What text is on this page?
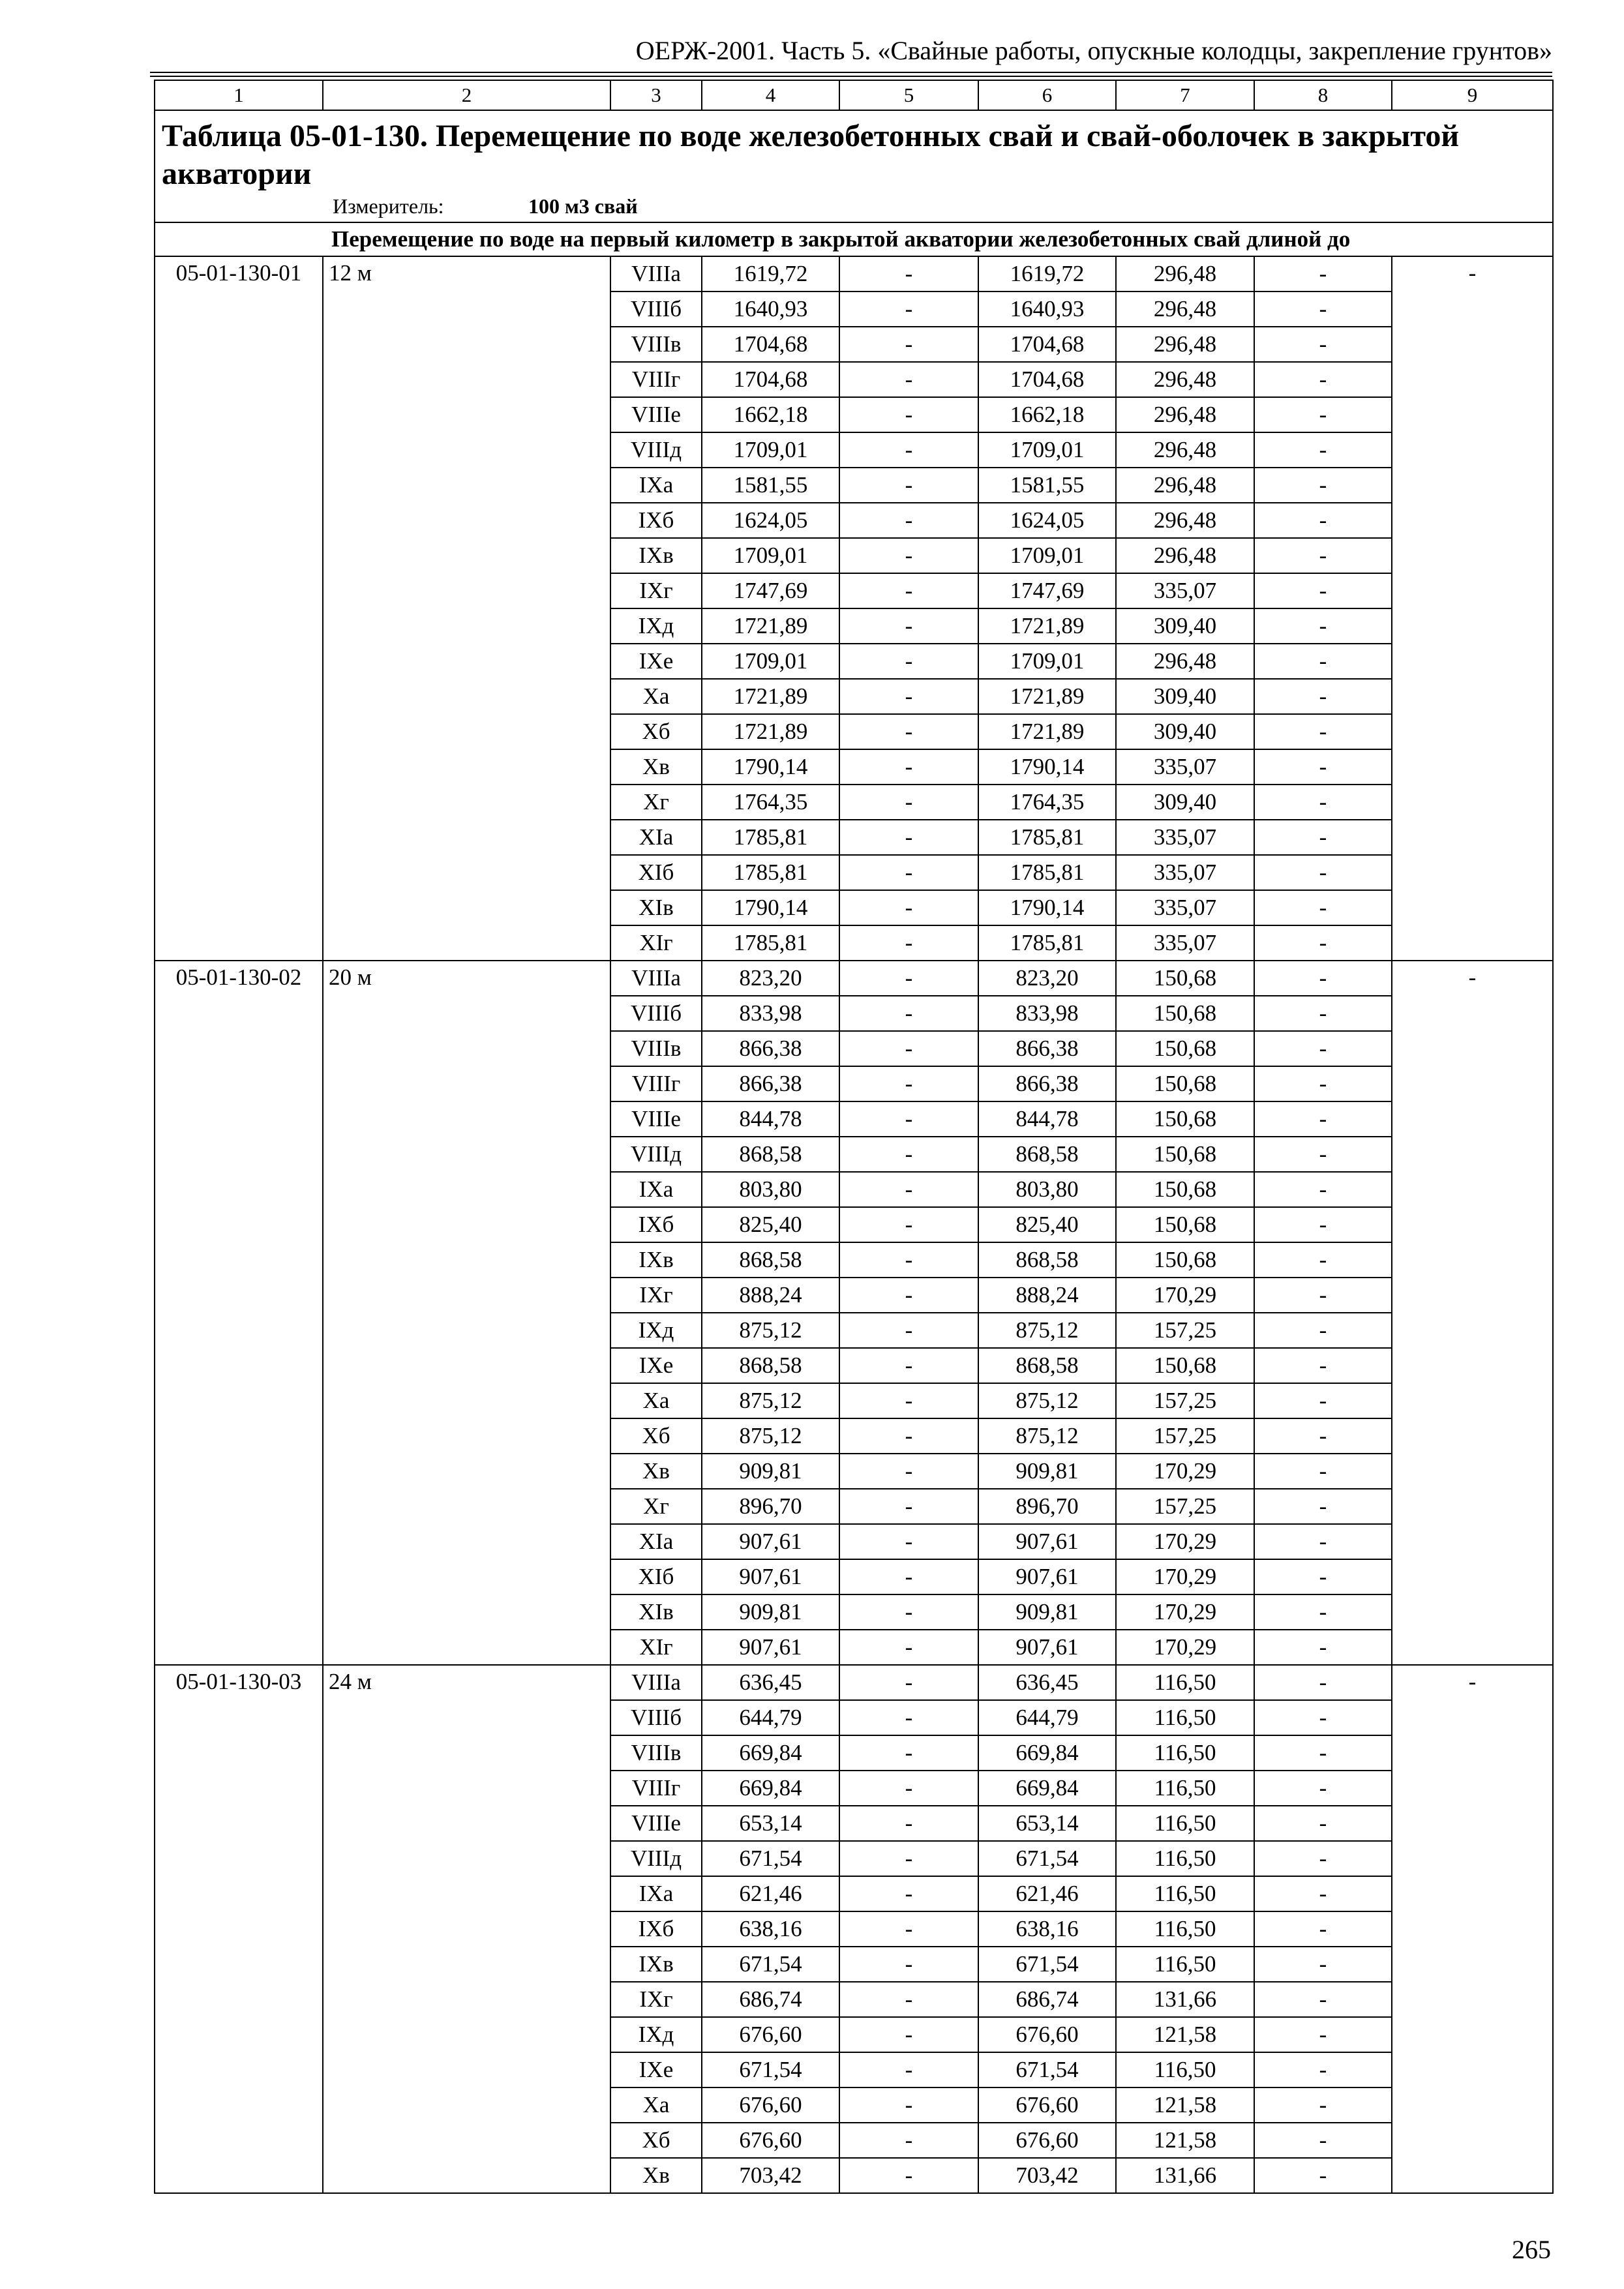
ОЕРЖ-2001. Часть 5. «Свайные работы, опускные колодцы, закрепление грунтов»
1	2	3	4	5	6	7	8	9

Таблица 05-01-130. Перемещение по воде железобетонных свай и свай-оболочек в закрытой акватории
Измеритель: 100 м3 свай								

Перемещение по воде на первый километр в закрытой акватории железобетонных свай длиной до								
05-01-130-01	12 м	VIIIа	1619,72	-	1619,72	296,48	-	-
		VIIIб	1640,93	-	1640,93	296,48	-	
		VIIIв	1704,68	-	1704,68	296,48	-	
		VIIIг	1704,68	-	1704,68	296,48	-	
		VIIIе	1662,18	-	1662,18	296,48	-	
		VIIIд	1709,01	-	1709,01	296,48	-	
		IXа	1581,55	-	1581,55	296,48	-	
		IXб	1624,05	-	1624,05	296,48	-	
		IXв	1709,01	-	1709,01	296,48	-	
		IXг	1747,69	-	1747,69	335,07	-	
		IXд	1721,89	-	1721,89	309,40	-	
		IXе	1709,01	-	1709,01	296,48	-	
		Xа	1721,89	-	1721,89	309,40	-	
		Xб	1721,89	-	1721,89	309,40	-	
		Xв	1790,14	-	1790,14	335,07	-	
		Xг	1764,35	-	1764,35	309,40	-	
		XIа	1785,81	-	1785,81	335,07	-	
		XIб	1785,81	-	1785,81	335,07	-	
		XIв	1790,14	-	1790,14	335,07	-	
		XIг	1785,81	-	1785,81	335,07	-	
05-01-130-02	20 м	VIIIа	823,20	-	823,20	150,68	-	-
		VIIIб	833,98	-	833,98	150,68	-	
		VIIIв	866,38	-	866,38	150,68	-	
		VIIIг	866,38	-	866,38	150,68	-	
		VIIIе	844,78	-	844,78	150,68	-	
		VIIIд	868,58	-	868,58	150,68	-	
		IXа	803,80	-	803,80	150,68	-	
		IXб	825,40	-	825,40	150,68	-	
		IXв	868,58	-	868,58	150,68	-	
		IXг	888,24	-	888,24	170,29	-	
		IXд	875,12	-	875,12	157,25	-	
		IXе	868,58	-	868,58	150,68	-	
		Xа	875,12	-	875,12	157,25	-	
		Xб	875,12	-	875,12	157,25	-	
		Xв	909,81	-	909,81	170,29	-	
		Xг	896,70	-	896,70	157,25	-	
		XIа	907,61	-	907,61	170,29	-	
		XIб	907,61	-	907,61	170,29	-	
		XIв	909,81	-	909,81	170,29	-	
		XIг	907,61	-	907,61	170,29	-	
05-01-130-03	24 м	VIIIа	636,45	-	636,45	116,50	-	-
		VIIIб	644,79	-	644,79	116,50	-	
		VIIIв	669,84	-	669,84	116,50	-	
		VIIIг	669,84	-	669,84	116,50	-	
		VIIIе	653,14	-	653,14	116,50	-	
		VIIIд	671,54	-	671,54	116,50	-	
		IXа	621,46	-	621,46	116,50	-	
		IXб	638,16	-	638,16	116,50	-	
		IXв	671,54	-	671,54	116,50	-	
		IXг	686,74	-	686,74	131,66	-	
		IXд	676,60	-	676,60	121,58	-	
		IXе	671,54	-	671,54	116,50	-	
		Xа	676,60	-	676,60	121,58	-	
		Xб	676,60	-	676,60	121,58	-	
		Xв	703,42	-	703,42	131,66	-	
265
